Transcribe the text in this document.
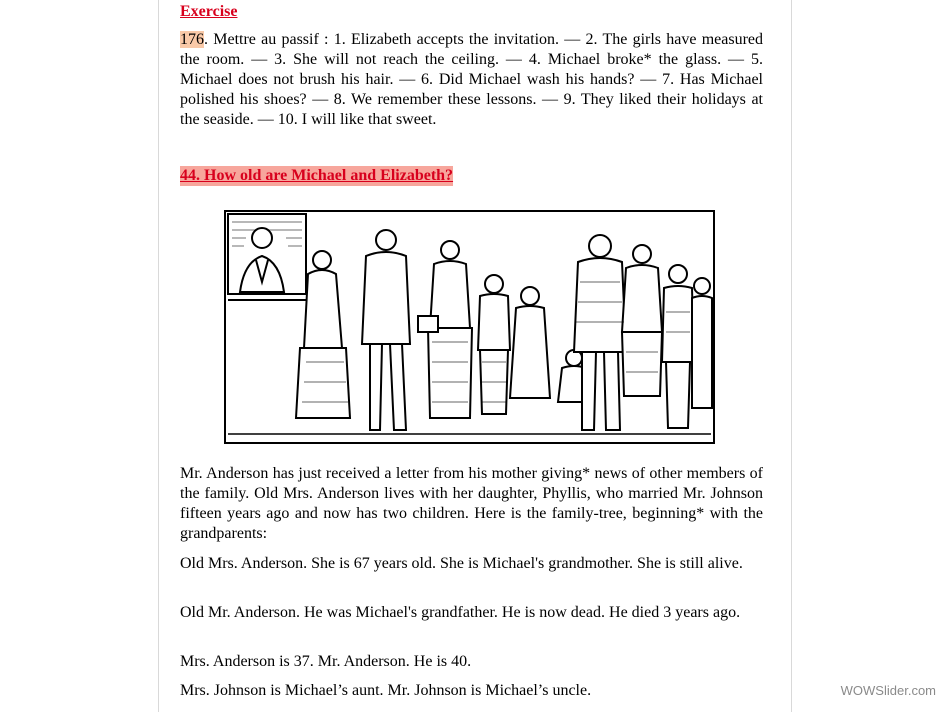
Exercise
176. Mettre au passif : 1. Elizabeth accepts the invitation. — 2. The girls have measured the room. — 3. She will not reach the ceiling. — 4. Michael broke* the glass. — 5. Michael does not brush his hair. — 6. Did Michael wash his hands? — 7. Has Michael polished his shoes? — 8. We remember these lessons. — 9. They liked their holidays at the seaside. — 10. I will like that sweet.
44. How old are Michael and Elizabeth?
Mr. Anderson has just received a letter from his mother giving* news of other members of the family. Old Mrs. Anderson lives with her daughter, Phyllis, who married Mr. Johnson fifteen years ago and now has two children. Here is the family-tree, beginning* with the grandparents:
Old Mrs. Anderson. She is 67 years old. She is Michael's grandmother. She is still alive.
Old Mr. Anderson. He was Michael's grandfather. He is now dead. He died 3 years ago.
Mrs. Anderson is 37. Mr. Anderson. He is 40.
Mrs. Johnson is Michael’s aunt. Mr. Johnson is Michael’s uncle.	WOWSlider.com
